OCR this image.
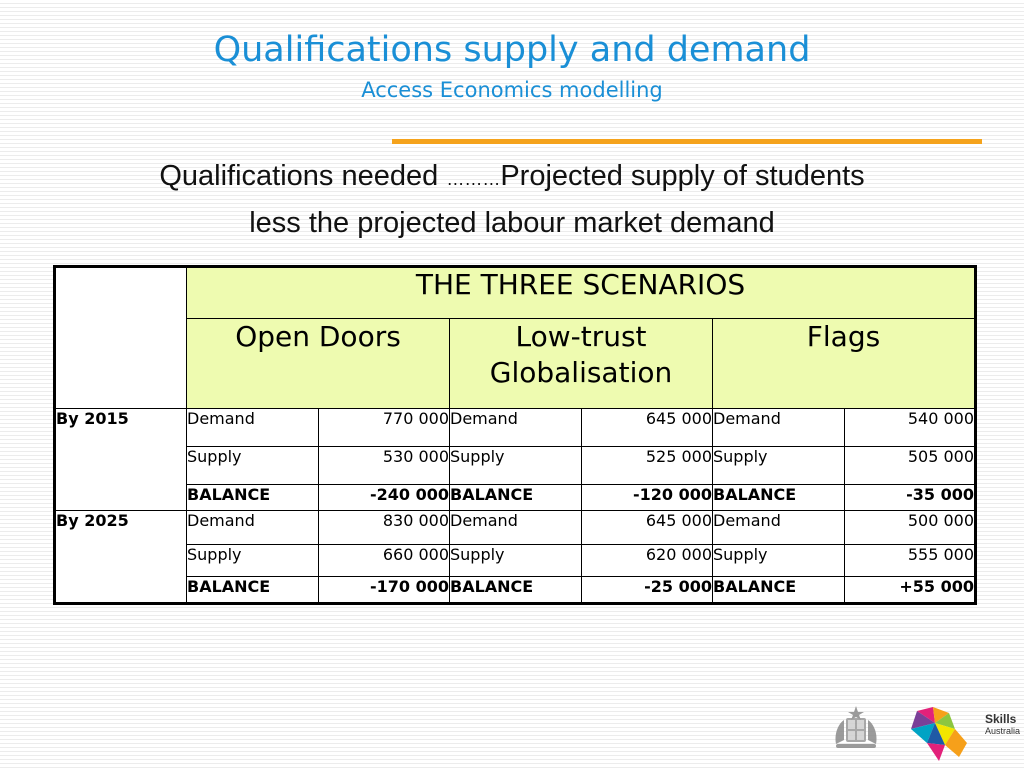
Qualifications supply and demand
Access Economics modelling
Qualifications needed ………Projected supply of students
less the projected labour market demand
	THE THREE SCENARIOS					
	Open Doors		Low-trust Globalisation		Flags	
By 2015	Demand	770 000	Demand	645 000	Demand	540 000
	Supply	530 000	Supply	525 000	Supply	505 000
	BALANCE	-240 000	BALANCE	-120 000	BALANCE	-35 000
By 2025	Demand	830 000	Demand	645 000	Demand	500 000
	Supply	660 000	Supply	620 000	Supply	555 000
	BALANCE	-170 000	BALANCE	-25 000	BALANCE	+55 000
Skills
Australia
